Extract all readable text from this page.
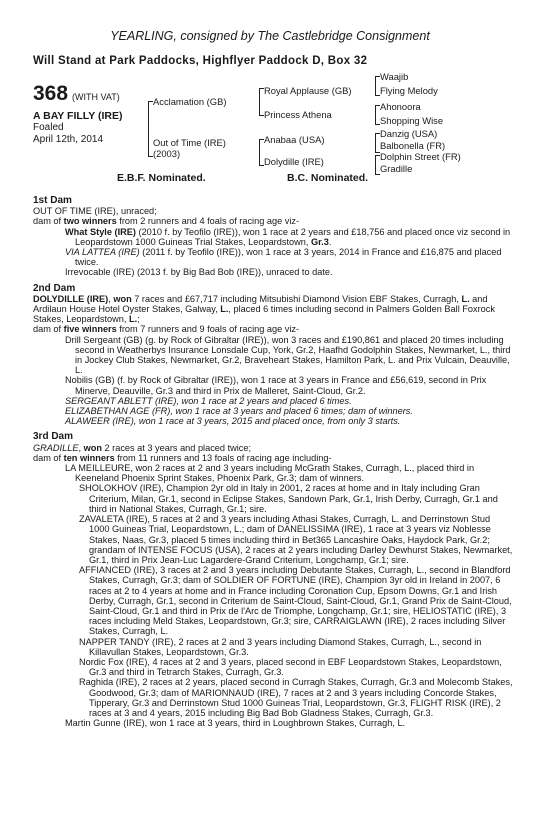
YEARLING, consigned by The Castlebridge Consignment
Will Stand at Park Paddocks, Highflyer Paddock D, Box 32
368 (WITH VAT)
A BAY FILLY (IRE)
Foaled
April 12th, 2014
Acclamation (GB)
Royal Applause (GB)
Princess Athena
Waajib
Flying Melody
Ahonoora
Shopping Wise
Out of Time (IRE)
(2003)
Anabaa (USA)
Dolydille (IRE)
Danzig (USA)
Balbonella (FR)
Dolphin Street (FR)
Gradille
E.B.F. Nominated.	B.C. Nominated.
1st Dam

OUT OF TIME (IRE), unraced;

dam of two winners from 2 runners and 4 foals of racing age viz-

What Style (IRE) (2010 f. by Teofilo (IRE)), won 1 race at 2 years and £18,756 and placed once viz second in Leopardstown 1000 Guineas Trial Stakes, Leopardstown, Gr.3.

VIA LATTEA (IRE) (2011 f. by Teofilo (IRE)), won 1 race at 3 years, 2014 in France and £16,875 and placed twice.

Irrevocable (IRE) (2013 f. by Big Bad Bob (IRE)), unraced to date.

2nd Dam

DOLYDILLE (IRE), won 7 races and £67,717 including Mitsubishi Diamond Vision EBF Stakes, Curragh, L. and Ardilaun House Hotel Oyster Stakes, Galway, L., placed 6 times including second in Palmers Golden Ball Foxrock Stakes, Leopardstown, L.;

dam of five winners from 7 runners and 9 foals of racing age viz-

Drill Sergeant (GB) (g. by Rock of Gibraltar (IRE)), won 3 races and £190,861 and placed 20 times including second in Weatherbys Insurance Lonsdale Cup, York, Gr.2, Haafhd Godolphin Stakes, Newmarket, L., third in Jockey Club Stakes, Newmarket, Gr.2, Braveheart Stakes, Hamilton Park, L. and Prix Vulcain, Deauville, L.

Nobilis (GB) (f. by Rock of Gibraltar (IRE)), won 1 race at 3 years in France and £56,619, second in Prix Minerve, Deauville, Gr.3 and third in Prix de Malleret, Saint-Cloud, Gr.2.

SERGEANT ABLETT (IRE), won 1 race at 2 years and placed 6 times.

ELIZABETHAN AGE (FR), won 1 race at 3 years and placed 6 times; dam of winners.

ALAWEER (IRE), won 1 race at 3 years, 2015 and placed once, from only 3 starts.

3rd Dam

GRADILLE, won 2 races at 3 years and placed twice;

dam of ten winners from 11 runners and 13 foals of racing age including-

LA MEILLEURE, won 2 races at 2 and 3 years including McGrath Stakes, Curragh, L., placed third in Keeneland Phoenix Sprint Stakes, Phoenix Park, Gr.3; dam of winners.

SHOLOKHOV (IRE), Champion 2yr old in Italy in 2001, 2 races at home and in Italy including Gran Criterium, Milan, Gr.1, second in Eclipse Stakes, Sandown Park, Gr.1, Irish Derby, Curragh, Gr.1 and third in National Stakes, Curragh, Gr.1; sire.

ZAVALETA (IRE), 5 races at 2 and 3 years including Athasi Stakes, Curragh, L. and Derrinstown Stud 1000 Guineas Trial, Leopardstown, L.; dam of DANELISSIMA (IRE), 1 race at 3 years viz Noblesse Stakes, Naas, Gr.3, placed 5 times including third in Bet365 Lancashire Oaks, Haydock Park, Gr.2; grandam of INTENSE FOCUS (USA), 2 races at 2 years including Darley Dewhurst Stakes, Newmarket, Gr.1, third in Prix Jean-Luc Lagardere-Grand Criterium, Longchamp, Gr.1; sire.

AFFIANCED (IRE), 3 races at 2 and 3 years including Debutante Stakes, Curragh, L., second in Blandford Stakes, Curragh, Gr.3; dam of SOLDIER OF FORTUNE (IRE), Champion 3yr old in Ireland in 2007, 6 races at 2 to 4 years at home and in France including Coronation Cup, Epsom Downs, Gr.1 and Irish Derby, Curragh, Gr.1, second in Criterium de Saint-Cloud, Saint-Cloud, Gr.1, Grand Prix de Saint-Cloud, Saint-Cloud, Gr.1 and third in Prix de l'Arc de Triomphe, Longchamp, Gr.1; sire, HELIOSTATIC (IRE), 3 races including Meld Stakes, Leopardstown, Gr.3; sire, CARRAIGLAWN (IRE), 2 races including Silver Stakes, Curragh, L.

NAPPER TANDY (IRE), 2 races at 2 and 3 years including Diamond Stakes, Curragh, L., second in Killavullan Stakes, Leopardstown, Gr.3.

Nordic Fox (IRE), 4 races at 2 and 3 years, placed second in EBF Leopardstown Stakes, Leopardstown, Gr.3 and third in Tetrarch Stakes, Curragh, Gr.3.

Raghida (IRE), 2 races at 2 years, placed second in Curragh Stakes, Curragh, Gr.3 and Molecomb Stakes, Goodwood, Gr.3; dam of MARIONNAUD (IRE), 7 races at 2 and 3 years including Concorde Stakes, Tipperary, Gr.3 and Derrinstown Stud 1000 Guineas Trial, Leopardstown, Gr.3, FLIGHT RISK (IRE), 2 races at 3 and 4 years, 2015 including Big Bad Bob Gladness Stakes, Curragh, Gr.3.

Martin Gunne (IRE), won 1 race at 3 years, third in Loughbrown Stakes, Curragh, L.
